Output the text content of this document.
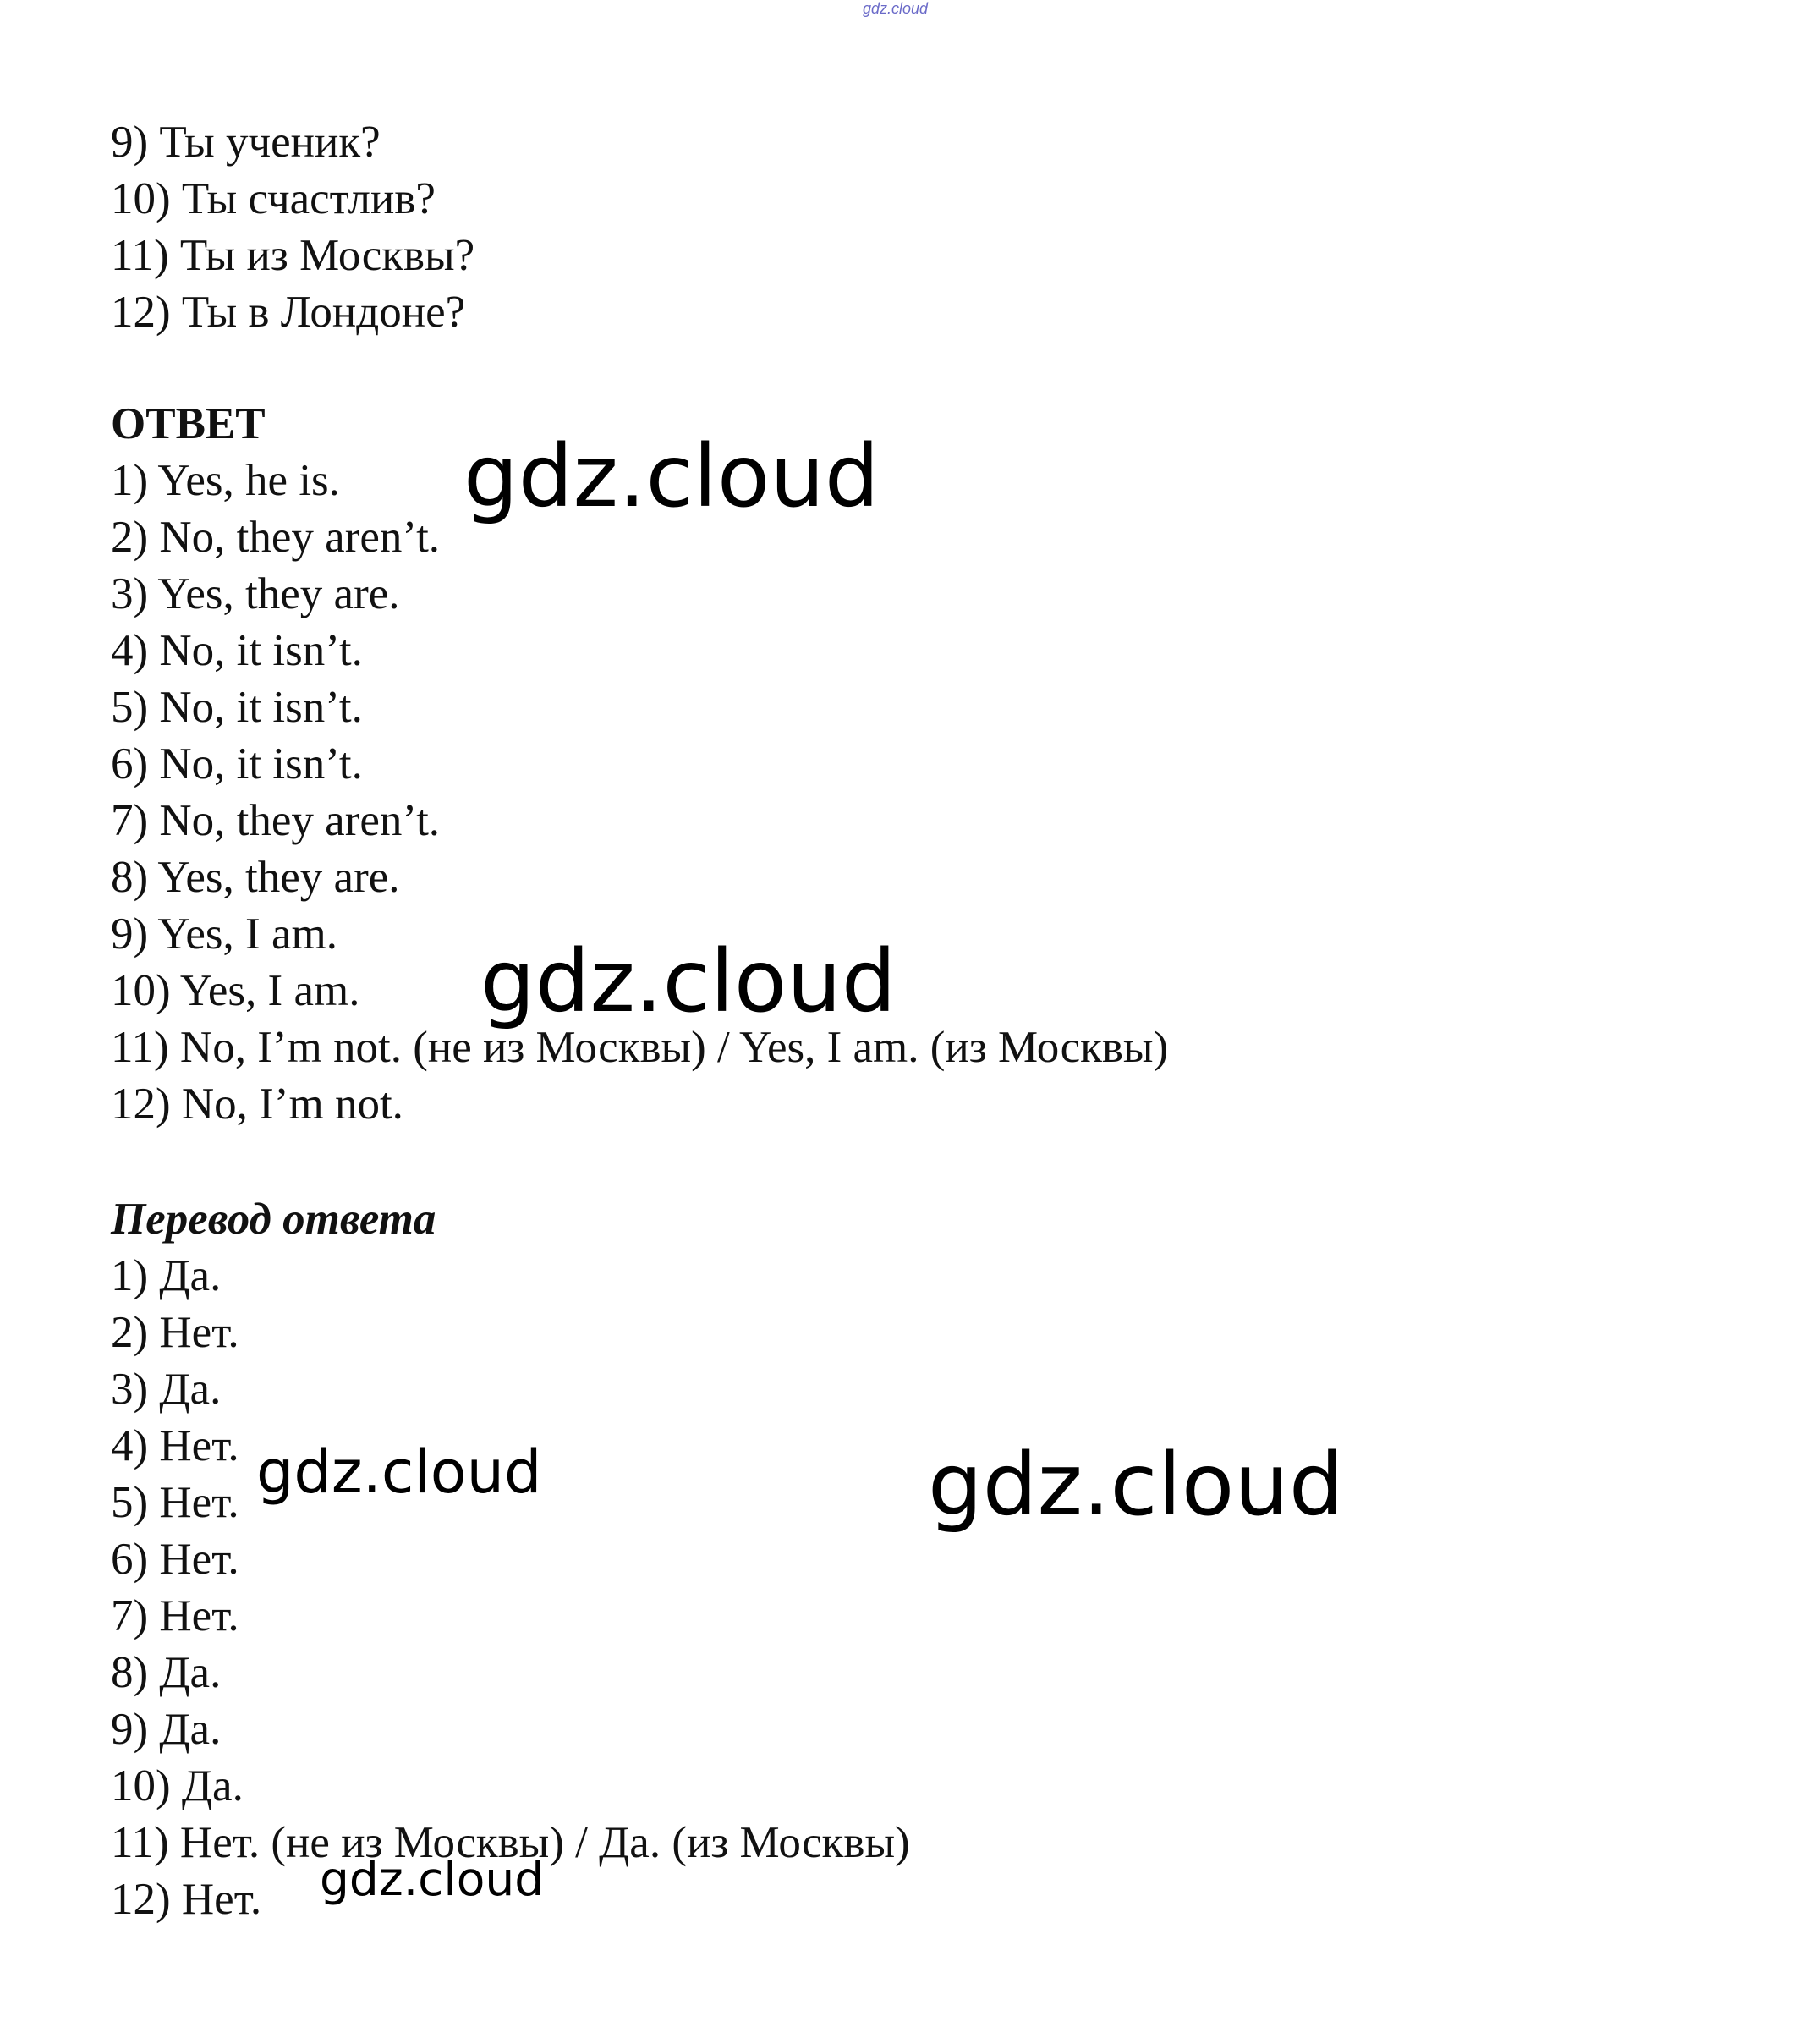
gdz.cloud
9) Ты ученик?
10) Ты счастлив?
11) Ты из Москвы?
12) Ты в Лондоне?
ОТВЕТ
1) Yes, he is.
2) No, they aren’t.
3) Yes, they are.
4) No, it isn’t.
5) No, it isn’t.
6) No, it isn’t.
7) No, they aren’t.
8) Yes, they are.
9) Yes, I am.
10) Yes, I am.
11) No, I’m not. (не из Москвы) / Yes, I am. (из Москвы)
12) No, I’m not.
Перевод ответа
1) Да.
2) Нет.
3) Да.
4) Нет.
5) Нет.
6) Нет.
7) Нет.
8) Да.
9) Да.
10) Да.
11) Нет. (не из Москвы) / Да. (из Москвы)
12) Нет.
gdz.cloud
gdz.cloud
gdz.cloud	gdz.cloud
gdz.cloud
